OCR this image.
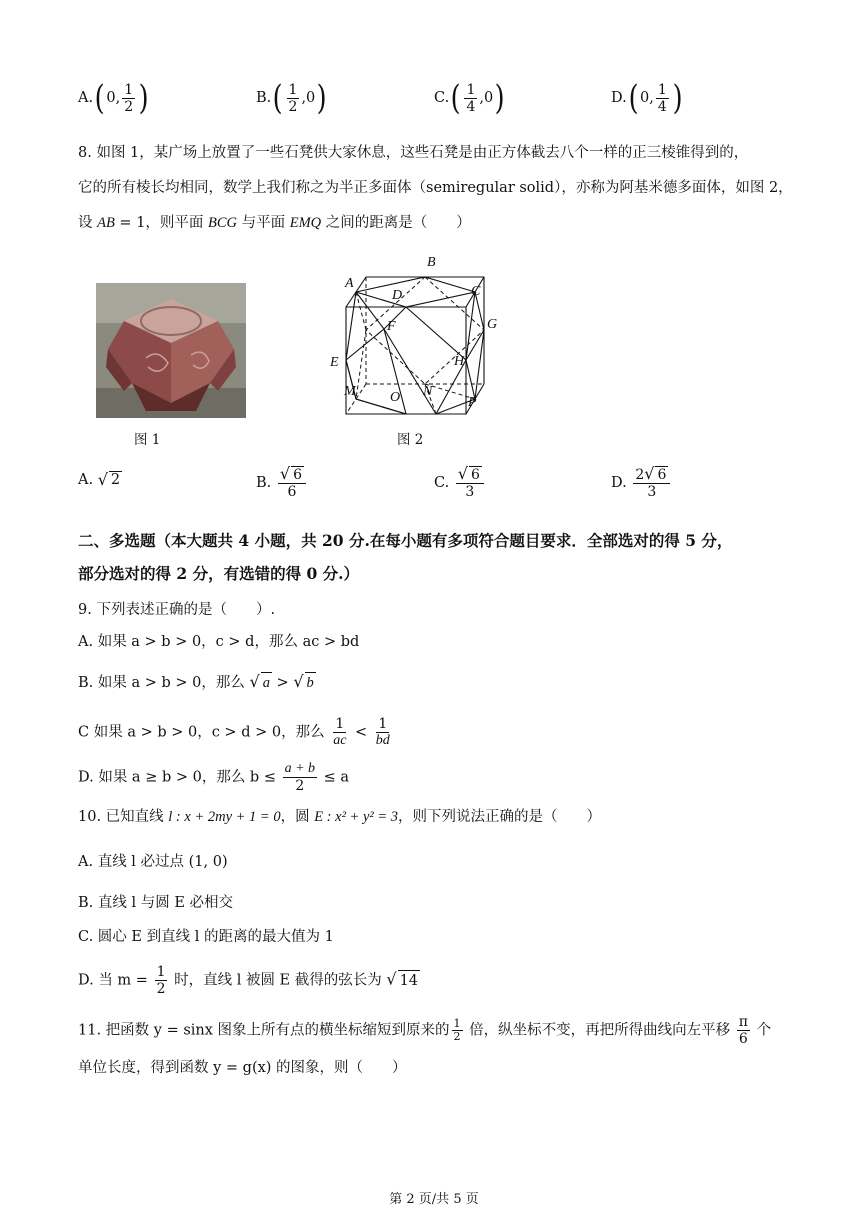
A. ( 0, $\frac{1}{2}$ )	B. ( $\frac{1}{2} ,0$ )	C. ( $\frac{1}{4} ,0$ )	D. ( 0, $\frac{1}{4}$ )
8. 如图 1，某广场上放置了一些石凳供大家休息，这些石凳是由正方体截去八个一样的正三棱锥得到的，
它的所有棱长均相同，数学上我们称之为半正多面体（semiregular solid），亦称为阿基米德多面体，如图 2，
设 AB = 1，则平面 BCG 与平面 EMQ 之间的距离是（　　）
图 1
A
B
C
D
E
F	G
H
M	N
O	P
图 2
A.
√ 2	B.
$\frac{√ 6}{6}$	C.
$\frac{√ 6}{3}$	D.
$\frac{2√ 6}{3}$
二、多选题（本大题共 4 小题，共 20 分.在每小题有多项符合题目要求．全部选对的得 5 分，
部分选对的得 2 分，有选错的得 0 分.）
9. 下列表述正确的是（　　）.
A. 如果 a > b > 0，c > d，那么 ac > bd
B. 如果 a > b > 0，那么 √ a > √ b
C 如果 a > b > 0，c > d > 0，那么 $\frac{1}{ac} < \frac{1}{bd}$
D. 如果 a ≥ b > 0，那么 $b \le \frac{a + b}{2} \le a$
10. 已知直线 l : x + 2my + 1 = 0，圆 E : x² + y² = 3，则下列说法正确的是（　　）
A. 直线 l 必过点 (1, 0)
B. 直线 l 与圆 E 必相交
C. 圆心 E 到直线 l 的距离的最大值为 1
D. 当 $m = \frac{1}{2}$ 时，直线 l 被圆 E 截得的弦长为 √ 14
11. 把函数 y = sinx 图象上所有点的横坐标缩短到原来的 $\frac{1}{2}$ 倍，纵坐标不变，再把所得曲线向左平移 $\frac{\pi}{6}$ 个
单位长度，得到函数 y = g(x) 的图象，则（　　）
第 2 页/共 5 页
